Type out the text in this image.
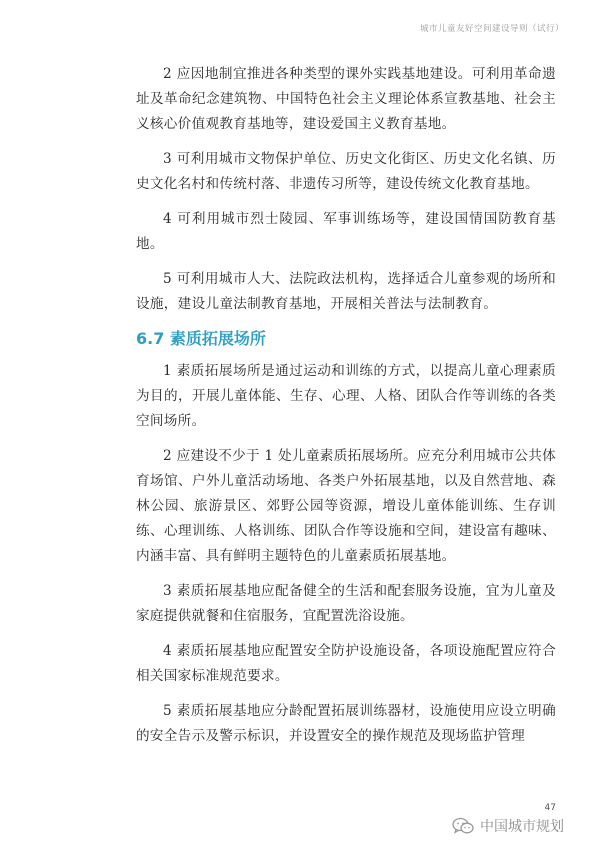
城市儿童友好空间建设导则（试行）

2 应因地制宜推进各种类型的课外实践基地建设。可利用革命遗址及革命纪念建筑物、中国特色社会主义理论体系宣教基地、社会主义核心价值观教育基地等，建设爱国主义教育基地。

3 可利用城市文物保护单位、历史文化街区、历史文化名镇、历史文化名村和传统村落、非遗传习所等，建设传统文化教育基地。

4 可利用城市烈士陵园、军事训练场等，建设国情国防教育基地。

5 可利用城市人大、法院政法机构，选择适合儿童参观的场所和设施，建设儿童法制教育基地，开展相关普法与法制教育。

6.7 素质拓展场所

1 素质拓展场所是通过运动和训练的方式，以提高儿童心理素质为目的，开展儿童体能、生存、心理、人格、团队合作等训练的各类空间场所。

2 应建设不少于 1 处儿童素质拓展场所。应充分利用城市公共体育场馆、户外儿童活动场地、各类户外拓展基地，以及自然营地、森林公园、旅游景区、郊野公园等资源，增设儿童体能训练、生存训练、心理训练、人格训练、团队合作等设施和空间，建设富有趣味、内涵丰富、具有鲜明主题特色的儿童素质拓展基地。

3 素质拓展基地应配备健全的生活和配套服务设施，宜为儿童及家庭提供就餐和住宿服务，宜配置洗浴设施。

4 素质拓展基地应配置安全防护设施设备，各项设施配置应符合相关国家标准规范要求。

5 素质拓展基地应分龄配置拓展训练器材，设施使用应设立明确的安全告示及警示标识，并设置安全的操作规范及现场监护管理

47
中国城市规划
